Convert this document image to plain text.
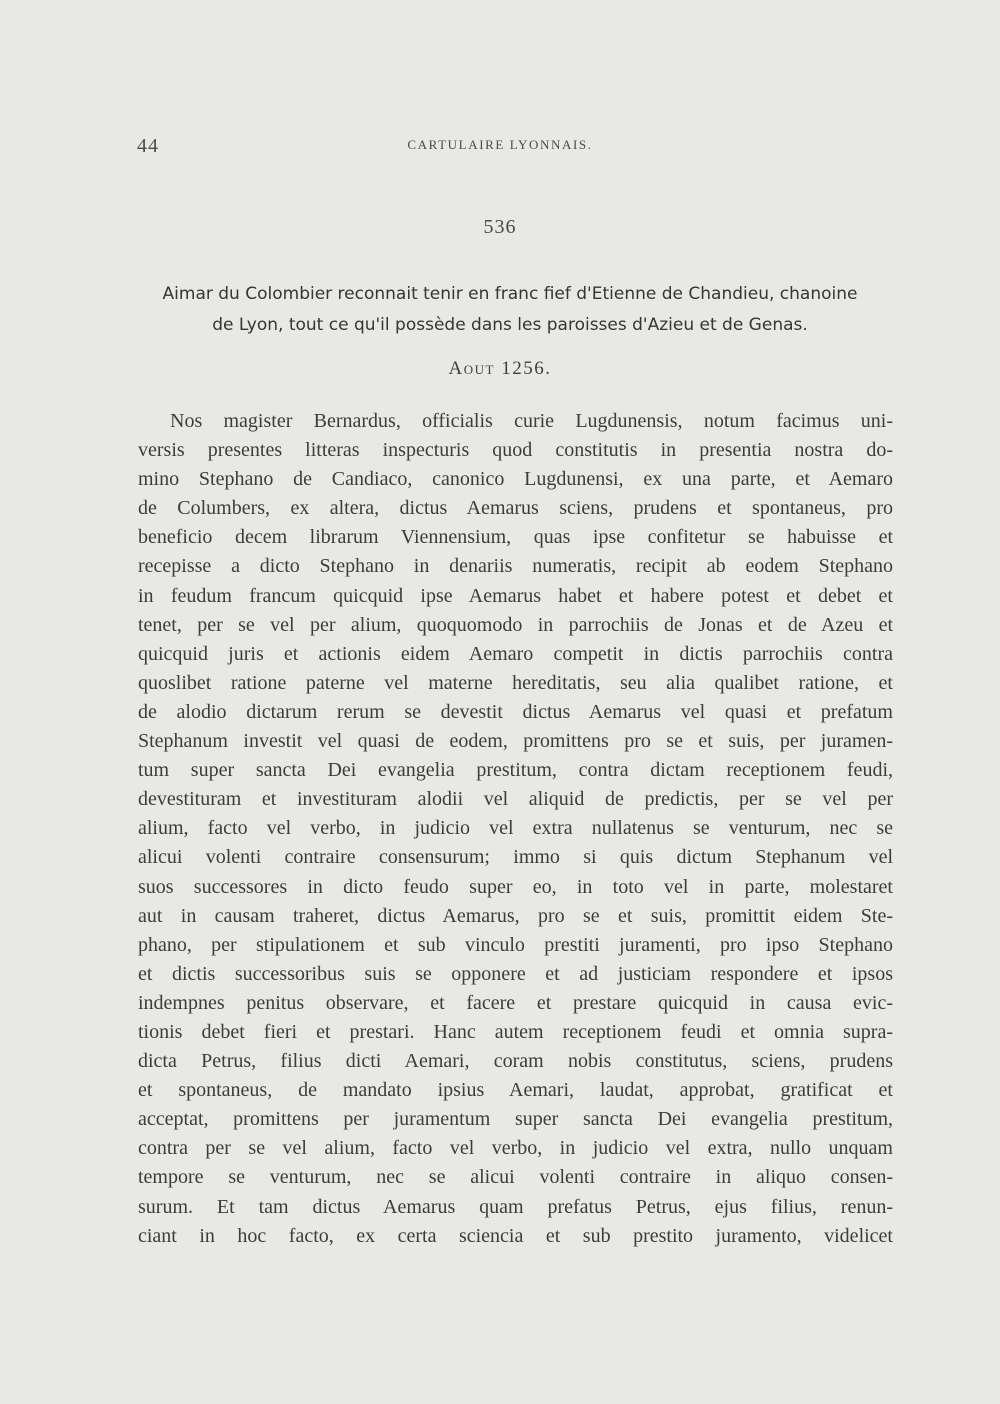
44	CARTULAIRE LYONNAIS.
536
Aimar du Colombier reconnait tenir en franc fief d'Etienne de Chandieu, chanoine
de Lyon, tout ce qu'il possède dans les paroisses d'Azieu et de Genas.
Aout 1256.
Nos magister Bernardus, officialis curie Lugdunensis, notum facimus uni-
versis presentes litteras inspecturis quod constitutis in presentia nostra do-
mino Stephano de Candiaco, canonico Lugdunensi, ex una parte, et Aemaro
de Columbers, ex altera, dictus Aemarus sciens, prudens et spontaneus, pro
beneficio decem librarum Viennensium, quas ipse confitetur se habuisse et
recepisse a dicto Stephano in denariis numeratis, recipit ab eodem Stephano
in feudum francum quicquid ipse Aemarus habet et habere potest et debet et
tenet, per se vel per alium, quoquomodo in parrochiis de Jonas et de Azeu et
quicquid juris et actionis eidem Aemaro competit in dictis parrochiis contra
quoslibet ratione paterne vel materne hereditatis, seu alia qualibet ratione, et
de alodio dictarum rerum se devestit dictus Aemarus vel quasi et prefatum
Stephanum investit vel quasi de eodem, promittens pro se et suis, per juramen-
tum super sancta Dei evangelia prestitum, contra dictam receptionem feudi,
devestituram et investituram alodii vel aliquid de predictis, per se vel per
alium, facto vel verbo, in judicio vel extra nullatenus se venturum, nec se
alicui volenti contraire consensurum; immo si quis dictum Stephanum vel
suos successores in dicto feudo super eo, in toto vel in parte, molestaret
aut in causam traheret, dictus Aemarus, pro se et suis, promittit eidem Ste-
phano, per stipulationem et sub vinculo prestiti juramenti, pro ipso Stephano
et dictis successoribus suis se opponere et ad justiciam respondere et ipsos
indempnes penitus observare, et facere et prestare quicquid in causa evic-
tionis debet fieri et prestari. Hanc autem receptionem feudi et omnia supra-
dicta Petrus, filius dicti Aemari, coram nobis constitutus, sciens, prudens
et spontaneus, de mandato ipsius Aemari, laudat, approbat, gratificat et
acceptat, promittens per juramentum super sancta Dei evangelia prestitum,
contra per se vel alium, facto vel verbo, in judicio vel extra, nullo unquam
tempore se venturum, nec se alicui volenti contraire in aliquo consen-
surum. Et tam dictus Aemarus quam prefatus Petrus, ejus filius, renun-
ciant in hoc facto, ex certa sciencia et sub prestito juramento, videlicet
